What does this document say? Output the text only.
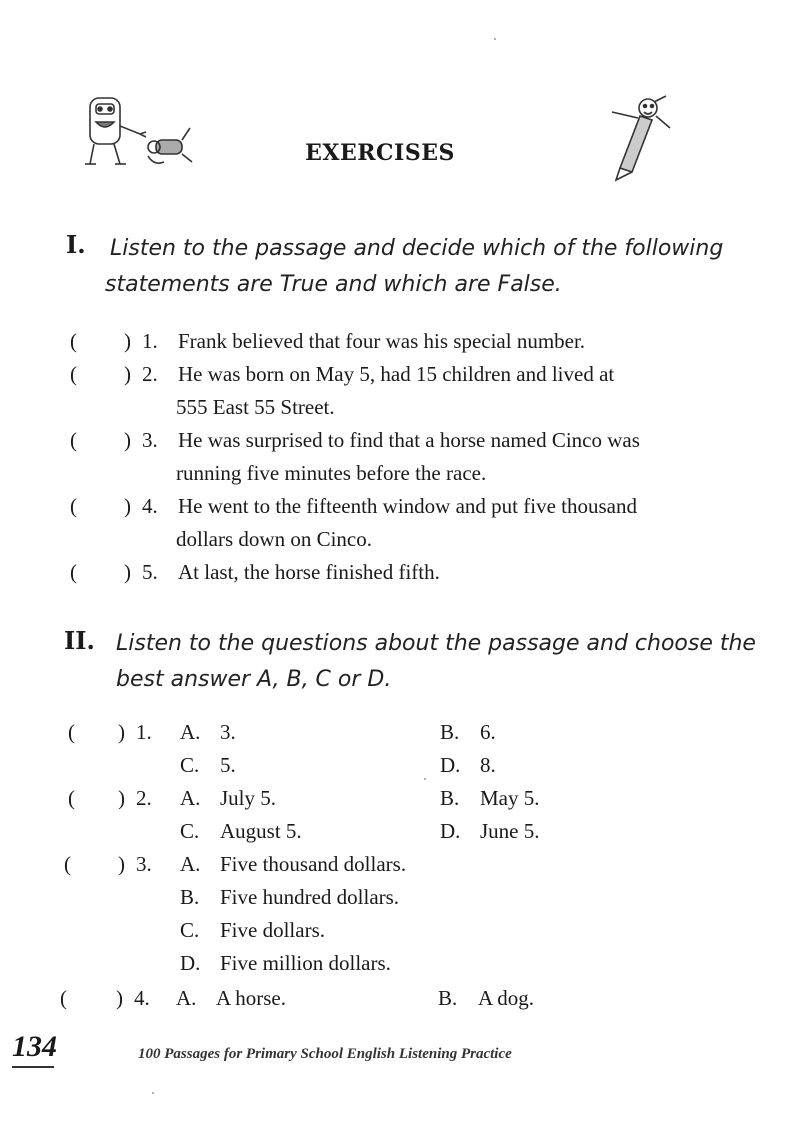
EXERCISES
I. Listen to the passage and decide which of the following
statements are True and which are False.
( ) 1. Frank believed that four was his special number.
( ) 2. He was born on May 5, had 15 children and lived at
555 East 55 Street.
( ) 3. He was surprised to find that a horse named Cinco was
running five minutes before the race.
( ) 4. He went to the fifteenth window and put five thousand
dollars down on Cinco.
( ) 5. At last, the horse finished fifth.
II. Listen to the questions about the passage and choose the
best answer A, B, C or D.
( ) 1. A. 3.	B. 6.
C. 5.	D. 8.
( ) 2. A. July 5.	B. May 5.
C. August 5.	D. June 5.
( ) 3. A. Five thousand dollars.
B. Five hundred dollars.
C. Five dollars.
D. Five million dollars.
( ) 4. A. A horse.	B. A dog.
134	100 Passages for Primary School English Listening Practice
